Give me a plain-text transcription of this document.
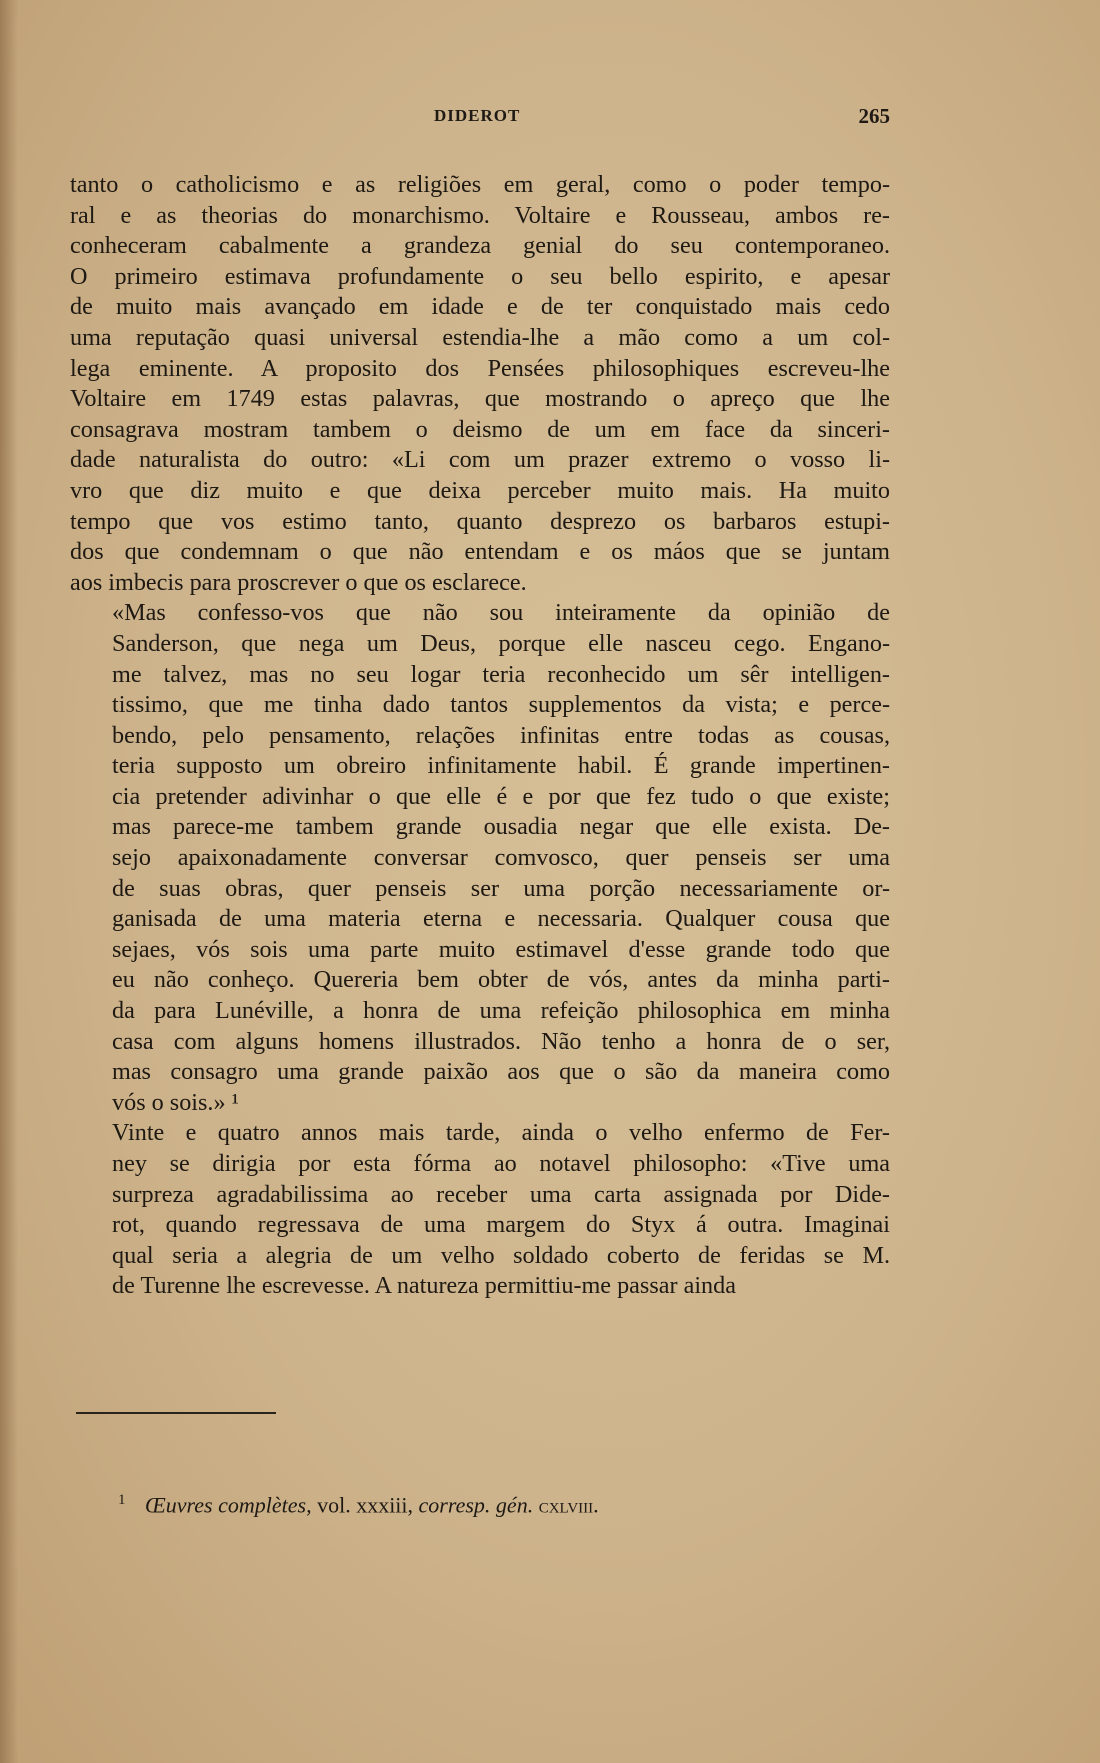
DIDEROT	265

tanto o catholicismo e as religiões em geral, como o poder tempo-
ral e as theorias do monarchismo. Voltaire e Rousseau, ambos re-
conheceram cabalmente a grandeza genial do seu contemporaneo.
O primeiro estimava profundamente o seu bello espirito, e apesar
de muito mais avançado em idade e de ter conquistado mais cedo
uma reputação quasi universal estendia-lhe a mão como a um col-
lega eminente. A proposito dos Pensées philosophiques escreveu-lhe
Voltaire em 1749 estas palavras, que mostrando o apreço que lhe
consagrava mostram tambem o deismo de um em face da sinceri-
dade naturalista do outro: «Li com um prazer extremo o vosso li-
vro que diz muito e que deixa perceber muito mais. Ha muito
tempo que vos estimo tanto, quanto desprezo os barbaros estupi-
dos que condemnam o que não entendam e os máos que se juntam
aos imbecis para proscrever o que os esclarece.

«Mas confesso-vos que não sou inteiramente da opinião de
Sanderson, que nega um Deus, porque elle nasceu cego. Engano-
me talvez, mas no seu logar teria reconhecido um sêr intelligen-
tissimo, que me tinha dado tantos supplementos da vista; e perce-
bendo, pelo pensamento, relações infinitas entre todas as cousas,
teria supposto um obreiro infinitamente habil. É grande impertinen-
cia pretender adivinhar o que elle é e por que fez tudo o que existe;
mas parece-me tambem grande ousadia negar que elle exista. De-
sejo apaixonadamente conversar comvosco, quer penseis ser uma
de suas obras, quer penseis ser uma porção necessariamente or-
ganisada de uma materia eterna e necessaria. Qualquer cousa que
sejaes, vós sois uma parte muito estimavel d'esse grande todo que
eu não conheço. Quereria bem obter de vós, antes da minha parti-
da para Lunéville, a honra de uma refeição philosophica em minha
casa com alguns homens illustrados. Não tenho a honra de o ser,
mas consagro uma grande paixão aos que o são da maneira como
vós o sois.» ¹

Vinte e quatro annos mais tarde, ainda o velho enfermo de Fer-
ney se dirigia por esta fórma ao notavel philosopho: «Tive uma
surpreza agradabilissima ao receber uma carta assignada por Dide-
rot, quando regressava de uma margem do Styx á outra. Imaginai
qual seria a alegria de um velho soldado coberto de feridas se M.
de Turenne lhe escrevesse. A natureza permittiu-me passar ainda

$^1$ Œuvres complètes, vol. xxxiii, corresp. gén. cxlviii.
